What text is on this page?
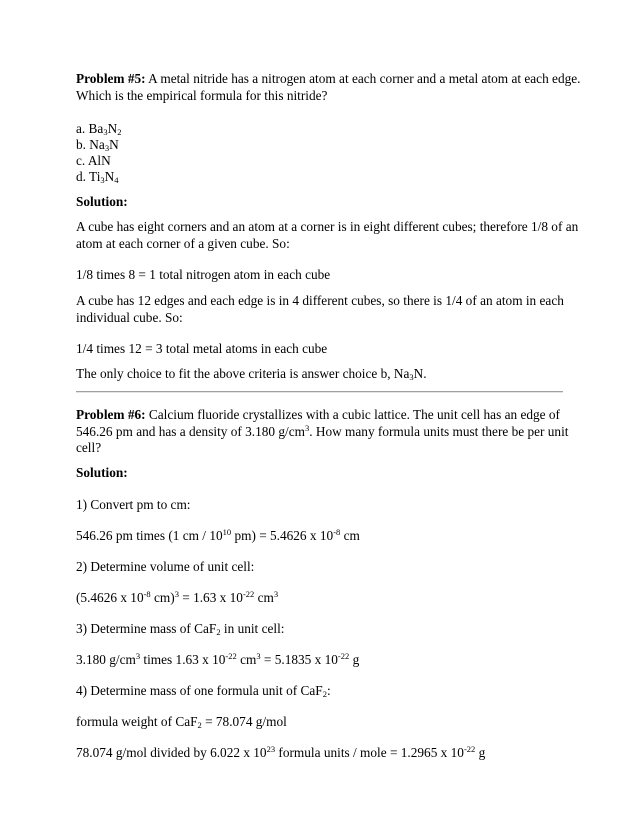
Problem #5: A metal nitride has a nitrogen atom at each corner and a metal atom at each edge.
Which is the empirical formula for this nitride?

a. $Ba_3N_2$

b. $Na_3N$

c. AlN

d. $Ti_3N_4$

Solution:

A cube has eight corners and an atom at a corner is in eight different cubes; therefore 1/8 of an
atom at each corner of a given cube. So:

1/8 times 8 = 1 total nitrogen atom in each cube

A cube has 12 edges and each edge is in 4 different cubes, so there is 1/4 of an atom in each
individual cube. So:

1/4 times 12 = 3 total metal atoms in each cube

The only choice to fit the above criteria is answer choice b, $Na_3N$.

Problem #6: Calcium fluoride crystallizes with a cubic lattice. The unit cell has an edge of
546.26 pm and has a density of 3.180 $g/cm^3$. How many formula units must there be per unit
cell?

Solution:

1) Convert pm to cm:

546.26 pm times (1 cm / $10^{10}$ pm) = 5.4626 x $10^{-8}$ cm

2) Determine volume of unit cell:

(5.4626 x $10^{-8}$ cm)$^3$ = 1.63 x $10^{-22}$ $cm^3$

3) Determine mass of CaF$_2$ in unit cell:

3.180 $g/cm^3$ times 1.63 x $10^{-22}$ $cm^3 = 5.1835$ x $10^{-22}$ g

4) Determine mass of one formula unit of CaF$_2$:

formula weight of CaF$_2$ = 78.074 g/mol

78.074 g/mol divided by 6.022 x $10^{23}$ formula units / mole = 1.2965 x $10^{-22}$ g
